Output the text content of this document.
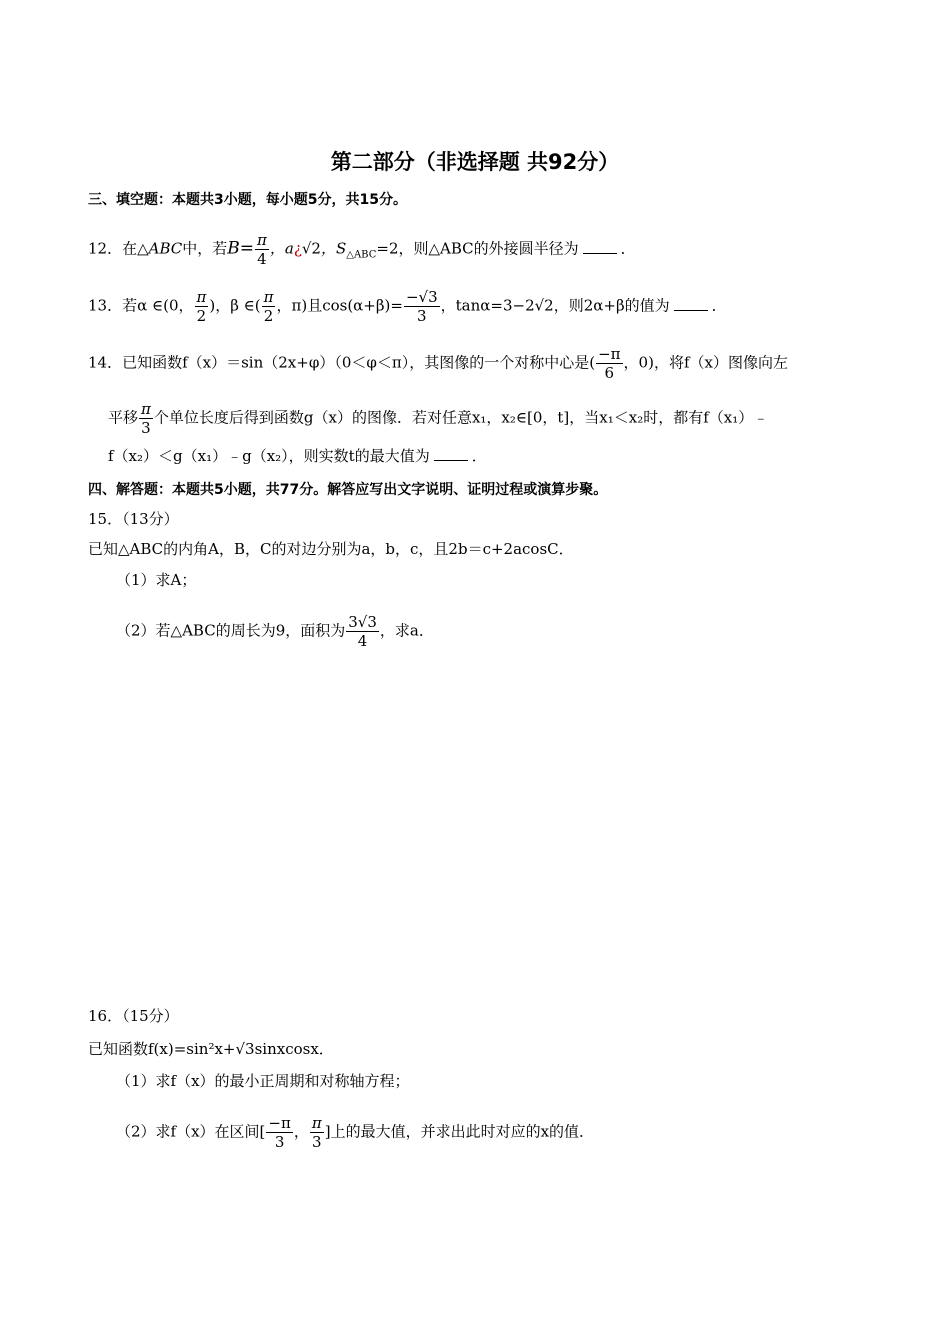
第二部分（非选择题 共92分）
三、填空题：本题共3小题，每小题5分，共15分。
12．在△ABC中，若$B= \frac{\pi}{4}$ ，a¿√2，$S_{\triangle ABC}=2$，则△ABC的外接圆半径为	．
13．若α ∈(0， $\frac{\pi}{2}$ )，β ∈( $\frac{\pi}{2}$ ，π)且$\cos(\alpha+\beta)= \frac{-√3}{3}$ ，tanα=3−2√2，则2α+β的值为	．
14．已知函数f（x）＝sin（2x+φ）（0＜φ＜π），其图像的一个对称中心是( $\frac{-\pi}{6}$ ，0)，将f（x）图像向左
平移 $\frac{\pi}{3}$ 个单位长度后得到函数g（x）的图像．若对任意x₁，x₂∈[0，t]，当x₁＜x₂时，都有f（x₁）﹣
f（x₂）＜g（x₁）﹣g（x₂），则实数t的最大值为	．
四、解答题：本题共5小题，共77分。解答应写出文字说明、证明过程或演算步聚。
15．（13分）
已知△ABC的内角A，B，C的对边分别为a，b，c，且2b＝c+2acosC．
（1）求A；
（2）若△ABC的周长为9，面积为 $\frac{3√3}{4}$ ，求a．
16．（15分）
已知函数f(x)=sin²x+√3sinxcosx．
（1）求f（x）的最小正周期和对称轴方程；
（2）求f（x）在区间[ $\frac{-\pi}{3}$ ， $\frac{\pi}{3}$ ]上的最大值，并求出此时对应的x的值．
